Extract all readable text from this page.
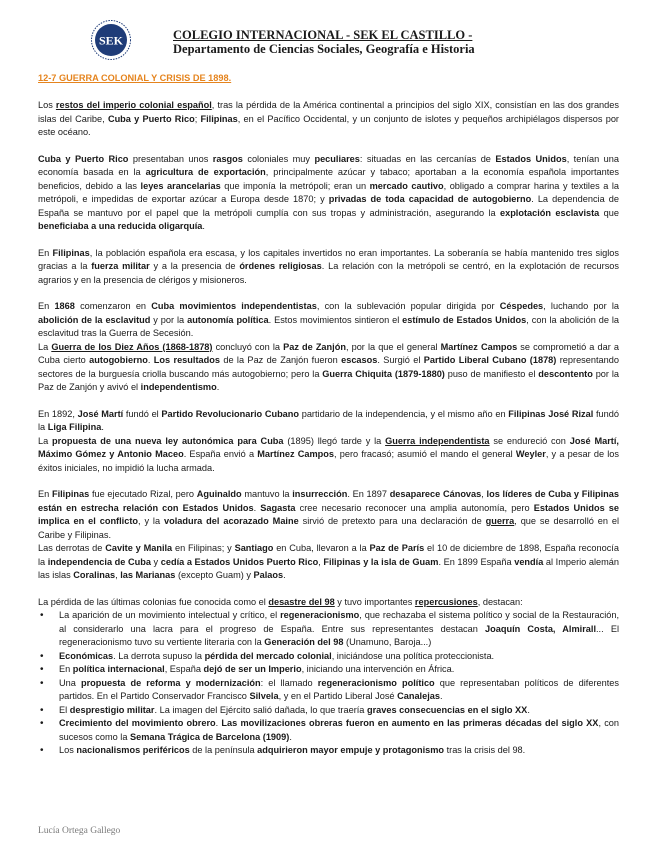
SEK	COLEGIO INTERNACIONAL - SEK EL CASTILLO -
Departamento de Ciencias Sociales, Geografía e Historia
12-7 GUERRA COLONIAL Y CRISIS DE 1898.

Los restos del imperio colonial español, tras la pérdida de la América continental a principios del siglo XIX, consistían en las dos grandes islas del Caribe, Cuba y Puerto Rico; Filipinas, en el Pacífico Occidental, y un conjunto de islotes y pequeños archipiélagos dispersos por este océano.

Cuba y Puerto Rico presentaban unos rasgos coloniales muy peculiares: situadas en las cercanías de Estados Unidos, tenían una economía basada en la agricultura de exportación, principalmente azúcar y tabaco; aportaban a la economía española importantes beneficios, debido a las leyes arancelarias que imponía la metrópoli; eran un mercado cautivo, obligado a comprar harina y textiles a la metrópoli, e impedidas de exportar azúcar a Europa desde 1870; y privadas de toda capacidad de autogobierno. La dependencia de España se mantuvo por el papel que la metrópoli cumplía con sus tropas y administración, asegurando la explotación esclavista que beneficiaba a una reducida oligarquía.

En Filipinas, la población española era escasa, y los capitales invertidos no eran importantes. La soberanía se había mantenido tres siglos gracias a la fuerza militar y a la presencia de órdenes religiosas. La relación con la metrópoli se centró, en la explotación de recursos agrarios y en la presencia de clérigos y misioneros.

En 1868 comenzaron en Cuba movimientos independentistas, con la sublevación popular dirigida por Céspedes, luchando por la abolición de la esclavitud y por la autonomía política. Estos movimientos sintieron el estímulo de Estados Unidos, con la abolición de la esclavitud tras la Guerra de Secesión.

La Guerra de los Diez Años (1868-1878) concluyó con la Paz de Zanjón, por la que el general Martínez Campos se comprometió a dar a Cuba cierto autogobierno. Los resultados de la Paz de Zanjón fueron escasos. Surgió el Partido Liberal Cubano (1878) representando sectores de la burguesía criolla buscando más autogobierno; pero la Guerra Chiquita (1879-1880) puso de manifiesto el descontento por la Paz de Zanjón y avivó el independentismo.

En 1892, José Martí fundó el Partido Revolucionario Cubano partidario de la independencia, y el mismo año en Filipinas José Rizal fundó la Liga Filipina.

La propuesta de una nueva ley autonómica para Cuba (1895) llegó tarde y la Guerra independentista se endureció con José Martí, Máximo Gómez y Antonio Maceo. España envió a Martínez Campos, pero fracasó; asumió el mando el general Weyler, y a pesar de los éxitos iniciales, no impidió la lucha armada.

En Filipinas fue ejecutado Rizal, pero Aguinaldo mantuvo la insurrección. En 1897 desaparece Cánovas, los líderes de Cuba y Filipinas están en estrecha relación con Estados Unidos. Sagasta cree necesario reconocer una amplia autonomía, pero Estados Unidos se implica en el conflicto, y la voladura del acorazado Maine sirvió de pretexto para una declaración de guerra, que se desarrolló en el Caribe y Filipinas.

Las derrotas de Cavite y Manila en Filipinas; y Santiago en Cuba, llevaron a la Paz de París el 10 de diciembre de 1898, España reconocía la independencia de Cuba y cedía a Estados Unidos Puerto Rico, Filipinas y la isla de Guam. En 1899 España vendía al Imperio alemán las islas Coralinas, las Marianas (excepto Guam) y Palaos.

La pérdida de las últimas colonias fue conocida como el desastre del 98 y tuvo importantes repercusiones, destacan:

• La aparición de un movimiento intelectual y crítico, el regeneracionismo, que rechazaba el sistema político y social de la Restauración, al considerarlo una lacra para el progreso de España. Entre sus representantes destacan Joaquín Costa, Almirall... El regeneracionismo tuvo su vertiente literaria con la Generación del 98 (Unamuno, Baroja...)
• Económicas. La derrota supuso la pérdida del mercado colonial, iniciándose una política proteccionista.
• En política internacional, España dejó de ser un Imperio, iniciando una intervención en África.
• Una propuesta de reforma y modernización: el llamado regeneracionismo político que representaban políticos de diferentes partidos. En el Partido Conservador Francisco Silvela, y en el Partido Liberal José Canalejas.
• El desprestigio militar. La imagen del Ejército salió dañada, lo que traería graves consecuencias en el siglo XX.
• Crecimiento del movimiento obrero. Las movilizaciones obreras fueron en aumento en las primeras décadas del siglo XX, con sucesos como la Semana Trágica de Barcelona (1909).
• Los nacionalismos periféricos de la península adquirieron mayor empuje y protagonismo tras la crisis del 98.
Lucía Ortega Gallego
